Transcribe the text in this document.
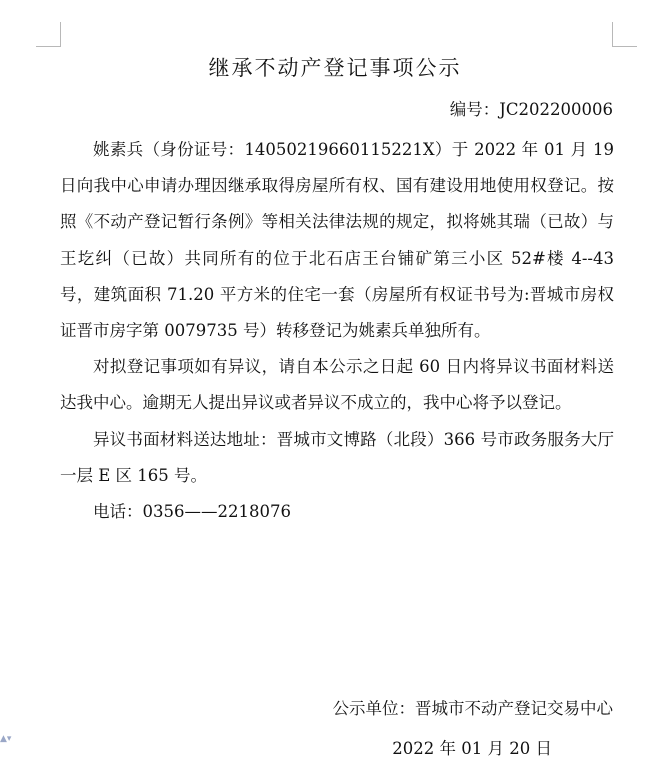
继承不动产登记事项公示
编号：JC202200006

姚素兵（身份证号：14050219660115221X）于 2022 年 01 月 19 日向我中心申请办理因继承取得房屋所有权、国有建设用地使用权登记。按照《不动产登记暂行条例》等相关法律法规的规定，拟将姚其瑞（已故）与王圪纠（已故）共同所有的位于北石店王台铺矿第三小区 52#楼 4--43 号，建筑面积 71.20 平方米的住宅一套（房屋所有权证书号为:晋城市房权证晋市房字第 0079735 号）转移登记为姚素兵单独所有。

对拟登记事项如有异议，请自本公示之日起 60 日内将异议书面材料送达我中心。逾期无人提出异议或者异议不成立的，我中心将予以登记。

异议书面材料送达地址：晋城市文博路（北段）366 号市政务服务大厅一层 E 区 165 号。

电话：0356——2218076

公示单位：晋城市不动产登记交易中心
2022 年 01 月 20 日
▲▾
